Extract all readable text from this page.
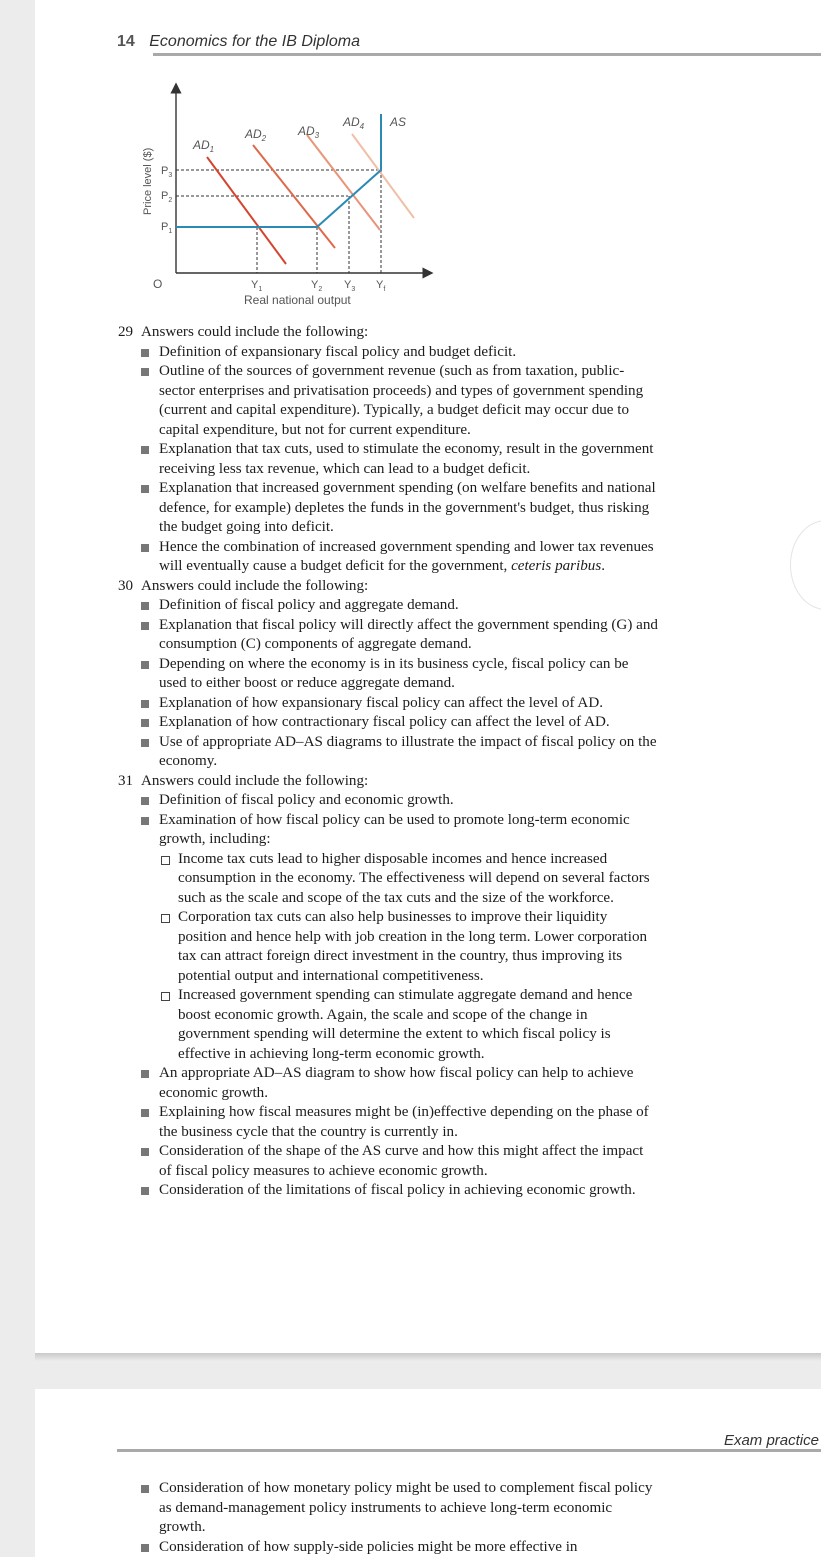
14 Economics for the IB Diploma
Price level ($)
Real national output
O
$AD_1$
$AD_2$
$AD_3$
$AD_4$ AS
$P_3$
$P_2$
$P_1$
$Y_1$	$Y_2$ $Y_3$ $Y_f$

29 Answers could include the following:

Definition of expansionary fiscal policy and budget deficit.
Outline of the sources of government revenue (such as from taxation, public-sector enterprises and privatisation proceeds) and types of government spending (current and capital expenditure). Typically, a budget deficit may occur due to capital expenditure, but not for current expenditure.
Explanation that tax cuts, used to stimulate the economy, result in the government receiving less tax revenue, which can lead to a budget deficit.
Explanation that increased government spending (on welfare benefits and national defence, for example) depletes the funds in the government's budget, thus risking the budget going into deficit.
Hence the combination of increased government spending and lower tax revenues will eventually cause a budget deficit for the government, ceteris paribus.

30 Answers could include the following:

Definition of fiscal policy and aggregate demand.
Explanation that fiscal policy will directly affect the government spending (G) and consumption (C) components of aggregate demand.
Depending on where the economy is in its business cycle, fiscal policy can be used to either boost or reduce aggregate demand.
Explanation of how expansionary fiscal policy can affect the level of AD.
Explanation of how contractionary fiscal policy can affect the level of AD.
Use of appropriate AD–AS diagrams to illustrate the impact of fiscal policy on the economy.

31 Answers could include the following:

Definition of fiscal policy and economic growth.
Examination of how fiscal policy can be used to promote long-term economic growth, including:
Income tax cuts lead to higher disposable incomes and hence increased consumption in the economy. The effectiveness will depend on several factors such as the scale and scope of the tax cuts and the size of the workforce.
Corporation tax cuts can also help businesses to improve their liquidity position and hence help with job creation in the long term. Lower corporation tax can attract foreign direct investment in the country, thus improving its potential output and international competitiveness.
Increased government spending can stimulate aggregate demand and hence boost economic growth. Again, the scale and scope of the change in government spending will determine the extent to which fiscal policy is effective in achieving long-term economic growth.
An appropriate AD–AS diagram to show how fiscal policy can help to achieve economic growth.
Explaining how fiscal measures might be (in)effective depending on the phase of the business cycle that the country is currently in.
Consideration of the shape of the AS curve and how this might affect the impact of fiscal policy measures to achieve economic growth.
Consideration of the limitations of fiscal policy in achieving economic growth.
Exam practice
Consideration of how monetary policy might be used to complement fiscal policy as demand-management policy instruments to achieve long-term economic growth.
Consideration of how supply-side policies might be more effective in
